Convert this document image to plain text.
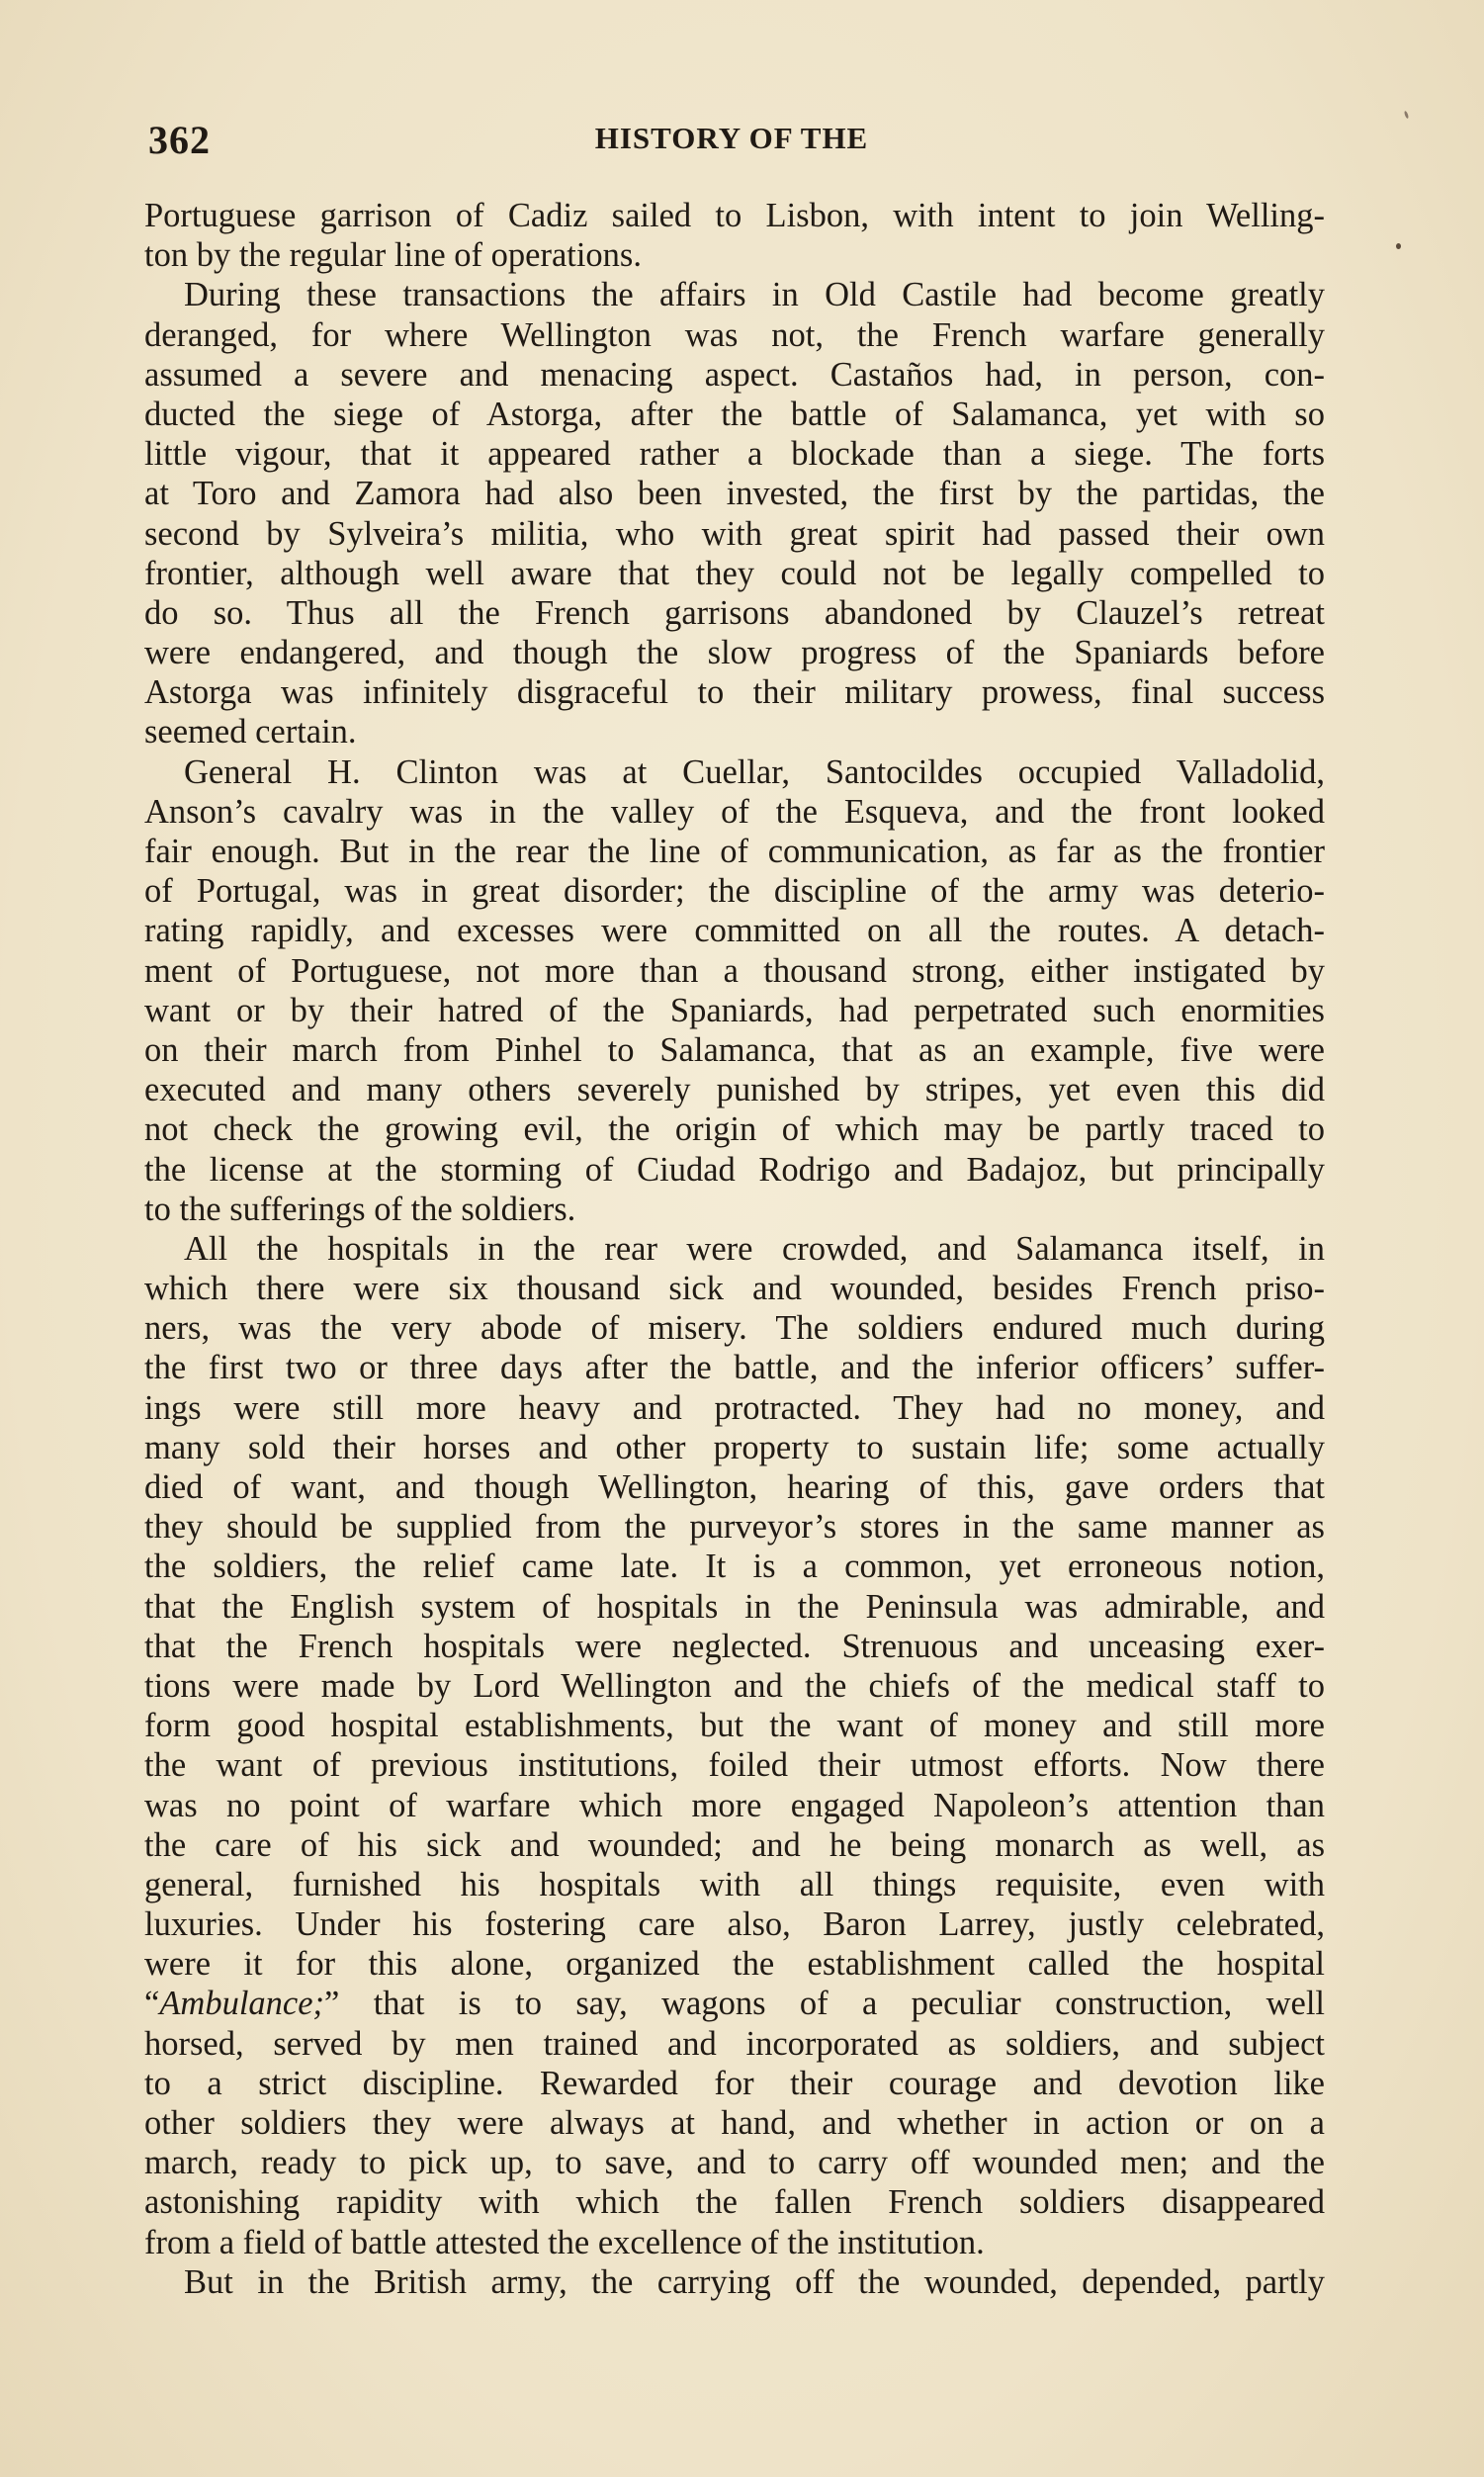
362	HISTORY OF THE
Portuguese garrison of Cadiz sailed to Lisbon, with intent to join Welling-
ton by the regular line of operations.
During these transactions the affairs in Old Castile had become greatly
deranged, for where Wellington was not, the French warfare generally
assumed a severe and menacing aspect. Castaños had, in person, con-
ducted the siege of Astorga, after the battle of Salamanca, yet with so
little vigour, that it appeared rather a blockade than a siege. The forts
at Toro and Zamora had also been invested, the first by the partidas, the
second by Sylveira’s militia, who with great spirit had passed their own
frontier, although well aware that they could not be legally compelled to
do so. Thus all the French garrisons abandoned by Clauzel’s retreat
were endangered, and though the slow progress of the Spaniards before
Astorga was infinitely disgraceful to their military prowess, final success
seemed certain.
General H. Clinton was at Cuellar, Santocildes occupied Valladolid,
Anson’s cavalry was in the valley of the Esqueva, and the front looked
fair enough. But in the rear the line of communication, as far as the frontier
of Portugal, was in great disorder; the discipline of the army was deterio-
rating rapidly, and excesses were committed on all the routes. A detach-
ment of Portuguese, not more than a thousand strong, either instigated by
want or by their hatred of the Spaniards, had perpetrated such enormities
on their march from Pinhel to Salamanca, that as an example, five were
executed and many others severely punished by stripes, yet even this did
not check the growing evil, the origin of which may be partly traced to
the license at the storming of Ciudad Rodrigo and Badajoz, but principally
to the sufferings of the soldiers.
All the hospitals in the rear were crowded, and Salamanca itself, in
which there were six thousand sick and wounded, besides French priso-
ners, was the very abode of misery. The soldiers endured much during
the first two or three days after the battle, and the inferior officers’ suffer-
ings were still more heavy and protracted. They had no money, and
many sold their horses and other property to sustain life; some actually
died of want, and though Wellington, hearing of this, gave orders that
they should be supplied from the purveyor’s stores in the same manner as
the soldiers, the relief came late. It is a common, yet erroneous notion,
that the English system of hospitals in the Peninsula was admirable, and
that the French hospitals were neglected. Strenuous and unceasing exer-
tions were made by Lord Wellington and the chiefs of the medical staff to
form good hospital establishments, but the want of money and still more
the want of previous institutions, foiled their utmost efforts. Now there
was no point of warfare which more engaged Napoleon’s attention than
the care of his sick and wounded; and he being monarch as well, as
general, furnished his hospitals with all things requisite, even with
luxuries. Under his fostering care also, Baron Larrey, justly celebrated,
were it for this alone, organized the establishment called the hospital
“Ambulance;” that is to say, wagons of a peculiar construction, well
horsed, served by men trained and incorporated as soldiers, and subject
to a strict discipline. Rewarded for their courage and devotion like
other soldiers they were always at hand, and whether in action or on a
march, ready to pick up, to save, and to carry off wounded men; and the
astonishing rapidity with which the fallen French soldiers disappeared
from a field of battle attested the excellence of the institution.
But in the British army, the carrying off the wounded, depended, partly
